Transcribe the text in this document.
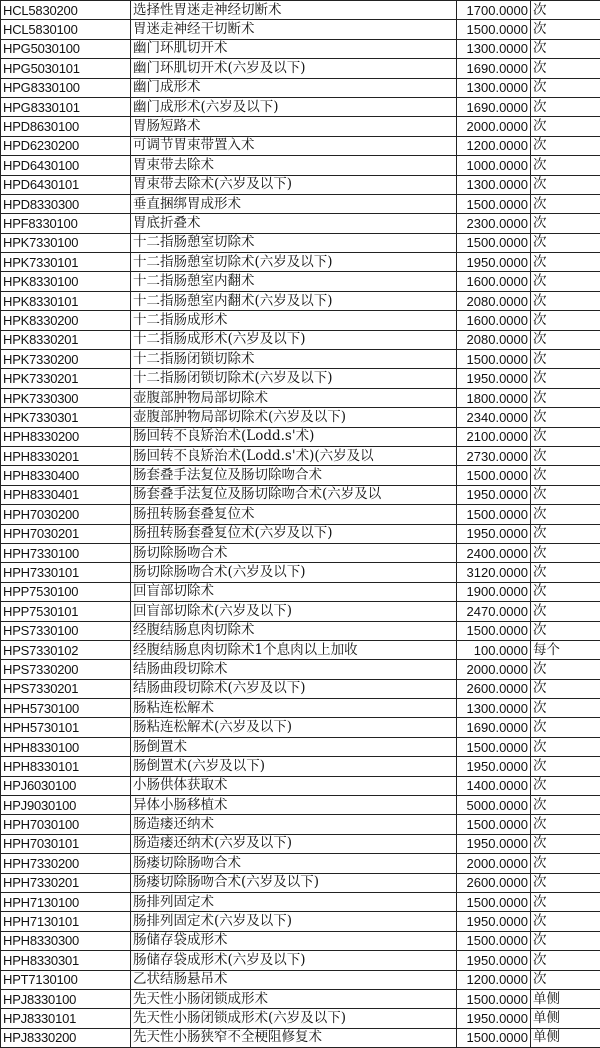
HCL5830200	选择性胃迷走神经切断术	1700.0000	次
HCL5830100	胃迷走神经干切断术	1500.0000	次
HPG5030100	幽门环肌切开术	1300.0000	次
HPG5030101	幽门环肌切开术(六岁及以下)	1690.0000	次
HPG8330100	幽门成形术	1300.0000	次
HPG8330101	幽门成形术(六岁及以下)	1690.0000	次
HPD8630100	胃肠短路术	2000.0000	次
HPD6230200	可调节胃束带置入术	1200.0000	次
HPD6430100	胃束带去除术	1000.0000	次
HPD6430101	胃束带去除术(六岁及以下)	1300.0000	次
HPD8330300	垂直捆绑胃成形术	1500.0000	次
HPF8330100	胃底折叠术	2300.0000	次
HPK7330100	十二指肠憩室切除术	1500.0000	次
HPK7330101	十二指肠憩室切除术(六岁及以下)	1950.0000	次
HPK8330100	十二指肠憩室内翻术	1600.0000	次
HPK8330101	十二指肠憩室内翻术(六岁及以下)	2080.0000	次
HPK8330200	十二指肠成形术	1600.0000	次
HPK8330201	十二指肠成形术(六岁及以下)	2080.0000	次
HPK7330200	十二指肠闭锁切除术	1500.0000	次
HPK7330201	十二指肠闭锁切除术(六岁及以下)	1950.0000	次
HPK7330300	壶腹部肿物局部切除术	1800.0000	次
HPK7330301	壶腹部肿物局部切除术(六岁及以下)	2340.0000	次
HPH8330200	肠回转不良矫治术(Lodd.s'术)	2100.0000	次
HPH8330201	肠回转不良矫治术(Lodd.s'术)(六岁及以	2730.0000	次
HPH8330400	肠套叠手法复位及肠切除吻合术	1500.0000	次
HPH8330401	肠套叠手法复位及肠切除吻合术(六岁及以	1950.0000	次
HPH7030200	肠扭转肠套叠复位术	1500.0000	次
HPH7030201	肠扭转肠套叠复位术(六岁及以下)	1950.0000	次
HPH7330100	肠切除肠吻合术	2400.0000	次
HPH7330101	肠切除肠吻合术(六岁及以下)	3120.0000	次
HPP7530100	回盲部切除术	1900.0000	次
HPP7530101	回盲部切除术(六岁及以下)	2470.0000	次
HPS7330100	经腹结肠息肉切除术	1500.0000	次
HPS7330102	经腹结肠息肉切除术1个息肉以上加收	100.0000	每个
HPS7330200	结肠曲段切除术	2000.0000	次
HPS7330201	结肠曲段切除术(六岁及以下)	2600.0000	次
HPH5730100	肠粘连松解术	1300.0000	次
HPH5730101	肠粘连松解术(六岁及以下)	1690.0000	次
HPH8330100	肠倒置术	1500.0000	次
HPH8330101	肠倒置术(六岁及以下)	1950.0000	次
HPJ6030100	小肠供体获取术	1400.0000	次
HPJ9030100	异体小肠移植术	5000.0000	次
HPH7030100	肠造瘘还纳术	1500.0000	次
HPH7030101	肠造瘘还纳术(六岁及以下)	1950.0000	次
HPH7330200	肠瘘切除肠吻合术	2000.0000	次
HPH7330201	肠瘘切除肠吻合术(六岁及以下)	2600.0000	次
HPH7130100	肠排列固定术	1500.0000	次
HPH7130101	肠排列固定术(六岁及以下)	1950.0000	次
HPH8330300	肠储存袋成形术	1500.0000	次
HPH8330301	肠储存袋成形术(六岁及以下)	1950.0000	次
HPT7130100	乙状结肠悬吊术	1200.0000	次
HPJ8330100	先天性小肠闭锁成形术	1500.0000	单侧
HPJ8330101	先天性小肠闭锁成形术(六岁及以下)	1950.0000	单侧
HPJ8330200	先天性小肠狭窄不全梗阻修复术	1500.0000	单侧
